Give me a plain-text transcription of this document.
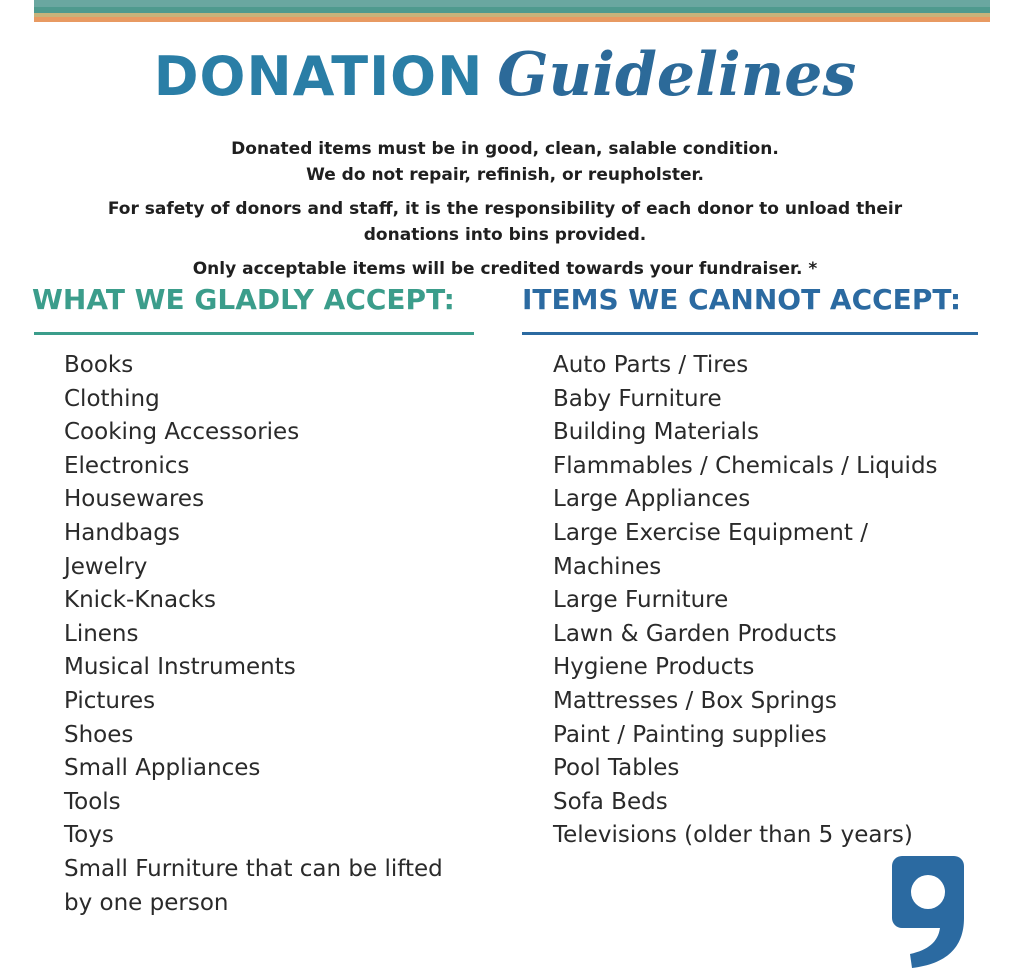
DONATION Guidelines

Donated items must be in good, clean, salable condition.

We do not repair, refinish, or reupholster.

For safety of donors and staff, it is the responsibility of each donor to unload their

donations into bins provided.

Only acceptable items will be credited towards your fundraiser. *

WHAT WE GLADLY ACCEPT: ITEMS WE CANNOT ACCEPT:
Books
Clothing
Cooking Accessories
Electronics
Housewares
Handbags
Jewelry
Knick-Knacks
Linens
Musical Instruments
Pictures
Shoes
Small Appliances
Tools
Toys
Small Furniture that can be lifted
by one person
Auto Parts / Tires
Baby Furniture
Building Materials
Flammables / Chemicals / Liquids
Large Appliances
Large Exercise Equipment /
Machines
Large Furniture
Lawn & Garden Products
Hygiene Products
Mattresses / Box Springs
Paint / Painting supplies
Pool Tables
Sofa Beds
Televisions (older than 5 years)
